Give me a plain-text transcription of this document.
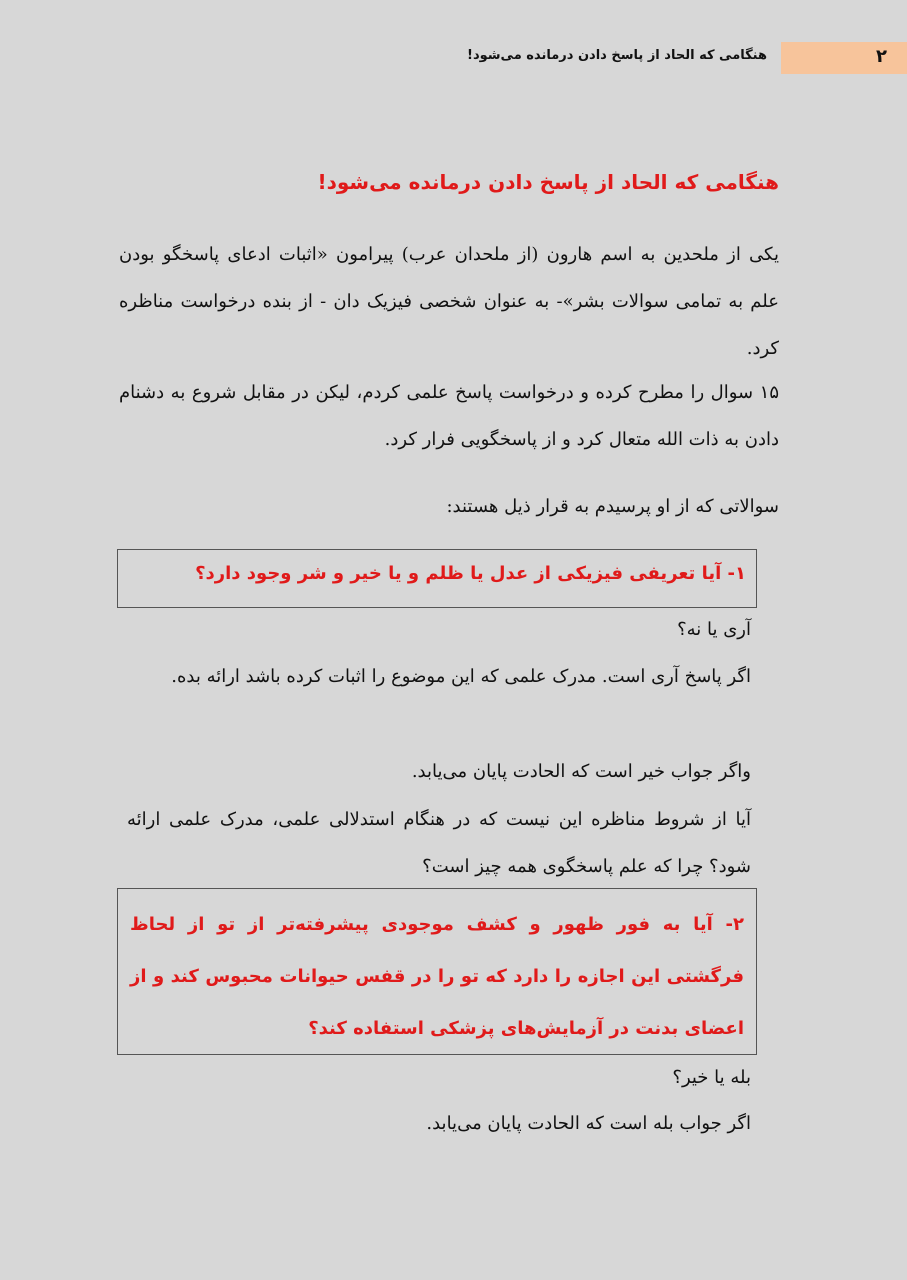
۲
هنگامی که الحاد از پاسخ دادن درمانده می‌شود!
هنگامی که الحاد از پاسخ دادن درمانده می‌شود!

یکی از ملحدین به اسم هارون (از ملحدان عرب) پیرامون «اثبات ادعای پاسخگو بودن علم به تمامی سوالات بشر»- به عنوان شخصی فیزیک دان - از بنده درخواست مناظره کرد.

۱۵ سوال را مطرح کرده و درخواست پاسخ علمی کردم، لیکن در مقابل شروع به دشنام دادن به ذات الله متعال کرد و از پاسخگویی فرار کرد.

سوالاتی که از او پرسیدم به قرار ذیل هستند:

۱- آیا تعریفی فیزیکی از عدل یا ظلم و یا خیر و شر وجود دارد؟

آری یا نه؟

اگر پاسخ آری است. مدرک علمی که این موضوع را اثبات کرده باشد ارائه بده.

واگر جواب خیر است که الحادت پایان می‌یابد.

آیا از شروط مناظره این نیست که در هنگام استدلالی علمی، مدرک علمی ارائه شود؟ چرا که علم پاسخگوی همه چیز است؟

۲- آیا به فور ظهور و کشف موجودی پیشرفته‌تر از تو از لحاظ فرگشتی این اجازه را دارد که تو را در قفس حیوانات محبوس کند و از اعضای بدنت در آزمایش‌های پزشکی استفاده کند؟

بله یا خیر؟

اگر جواب بله است که الحادت پایان می‌یابد.
